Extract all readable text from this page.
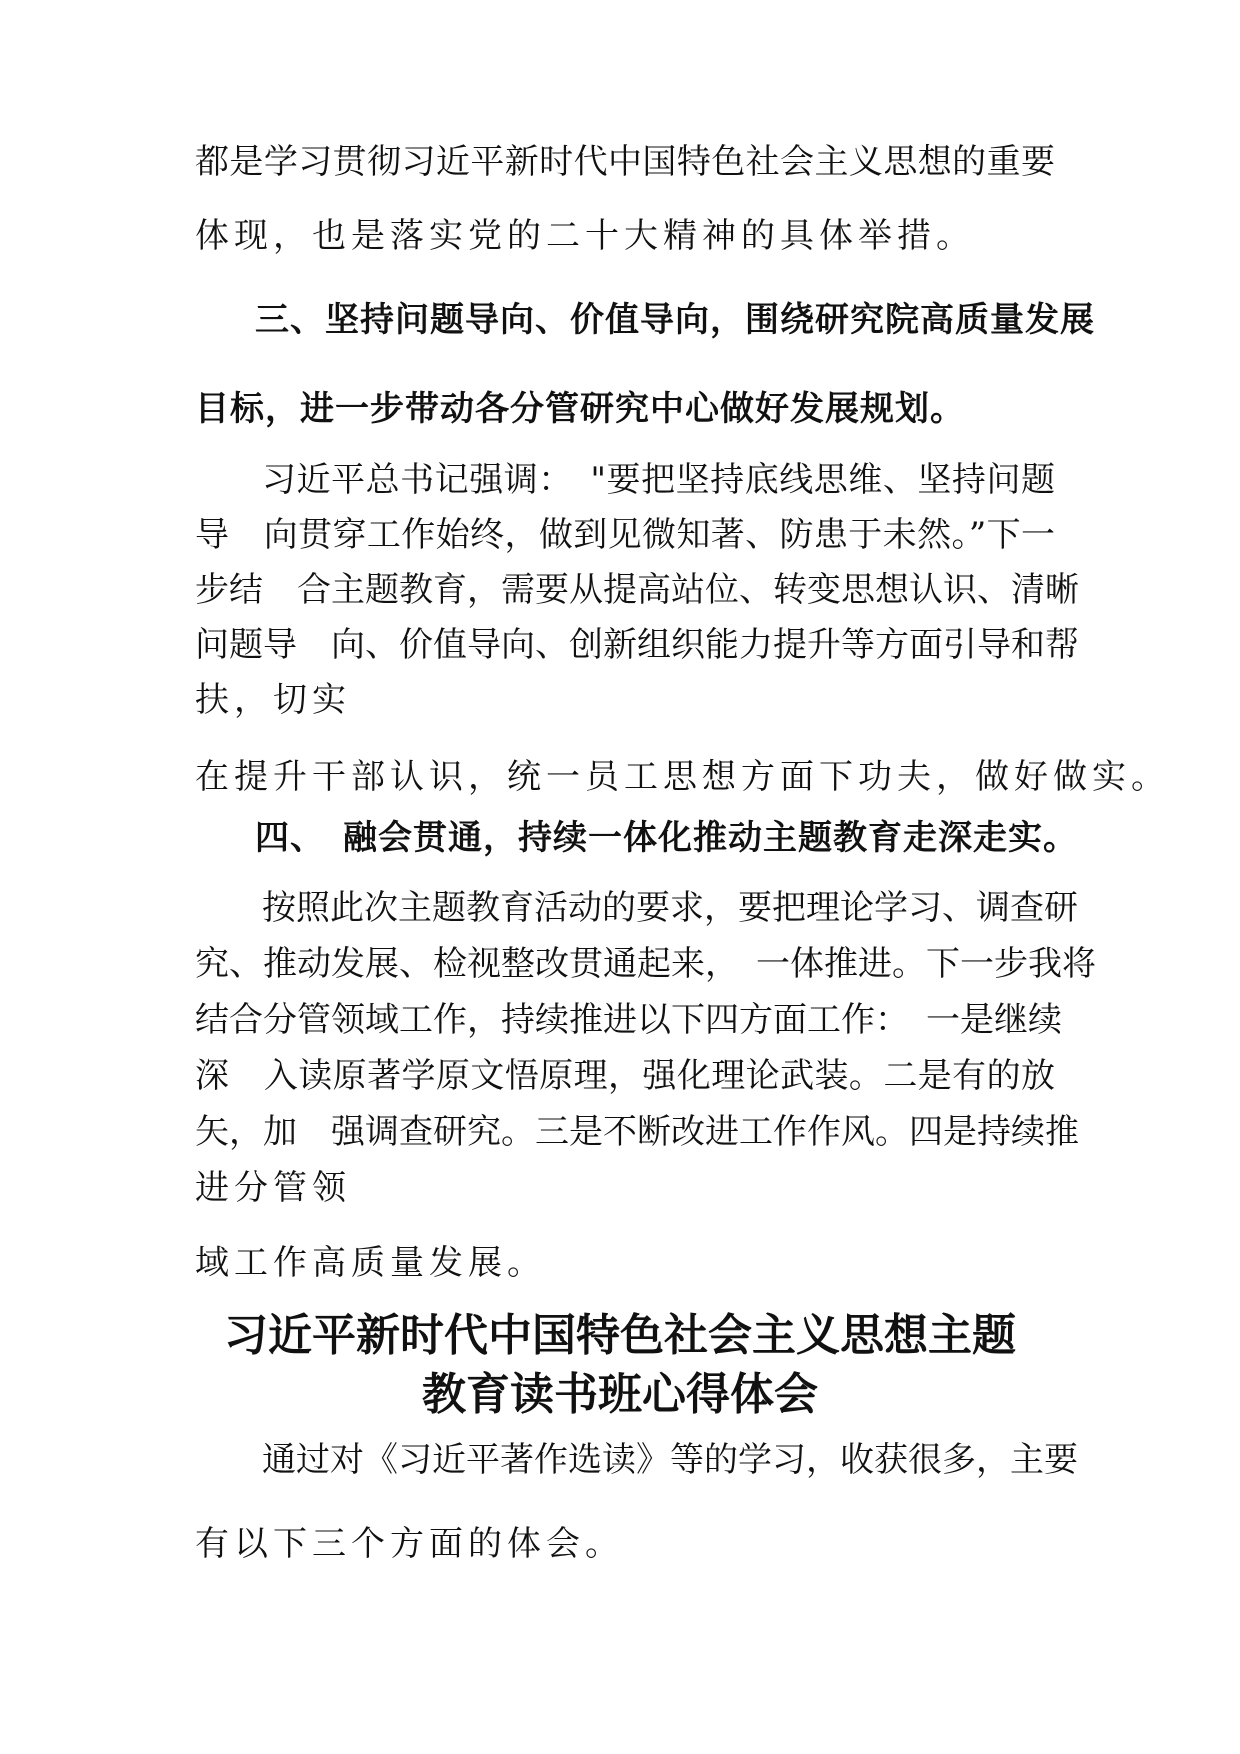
都是学习贯彻习近平新时代中国特色社会主义思想的重要
体现，也是落实党的二十大精神的具体举措。
三、坚持问题导向、价值导向，围绕研究院高质量发展
目标，进一步带动各分管研究中心做好发展规划。
习近平总书记强调：　"要把坚持底线思维、坚持问题
导　向贯穿工作始终，做到见微知著、防患于未然。”下一
步结　合主题教育，需要从提高站位、转变思想认识、清晰
问题导　向、价值导向、创新组织能力提升等方面引导和帮
扶，切实
在提升干部认识，统一员工思想方面下功夫，做好做实。
四、　融会贯通，持续一体化推动主题教育走深走实。
按照此次主题教育活动的要求，要把理论学习、调查研
究、推动发展、检视整改贯通起来，　一体推进。下一步我将
结合分管领域工作，持续推进以下四方面工作：　一是继续
深　入读原著学原文悟原理，强化理论武装。二是有的放
矢，加　强调查研究。三是不断改进工作作风。四是持续推
进分管领
域工作高质量发展。
习近平新时代中国特色社会主义思想主题
教育读书班心得体会
通过对《习近平著作选读》等的学习，收获很多，主要
有以下三个方面的体会。
